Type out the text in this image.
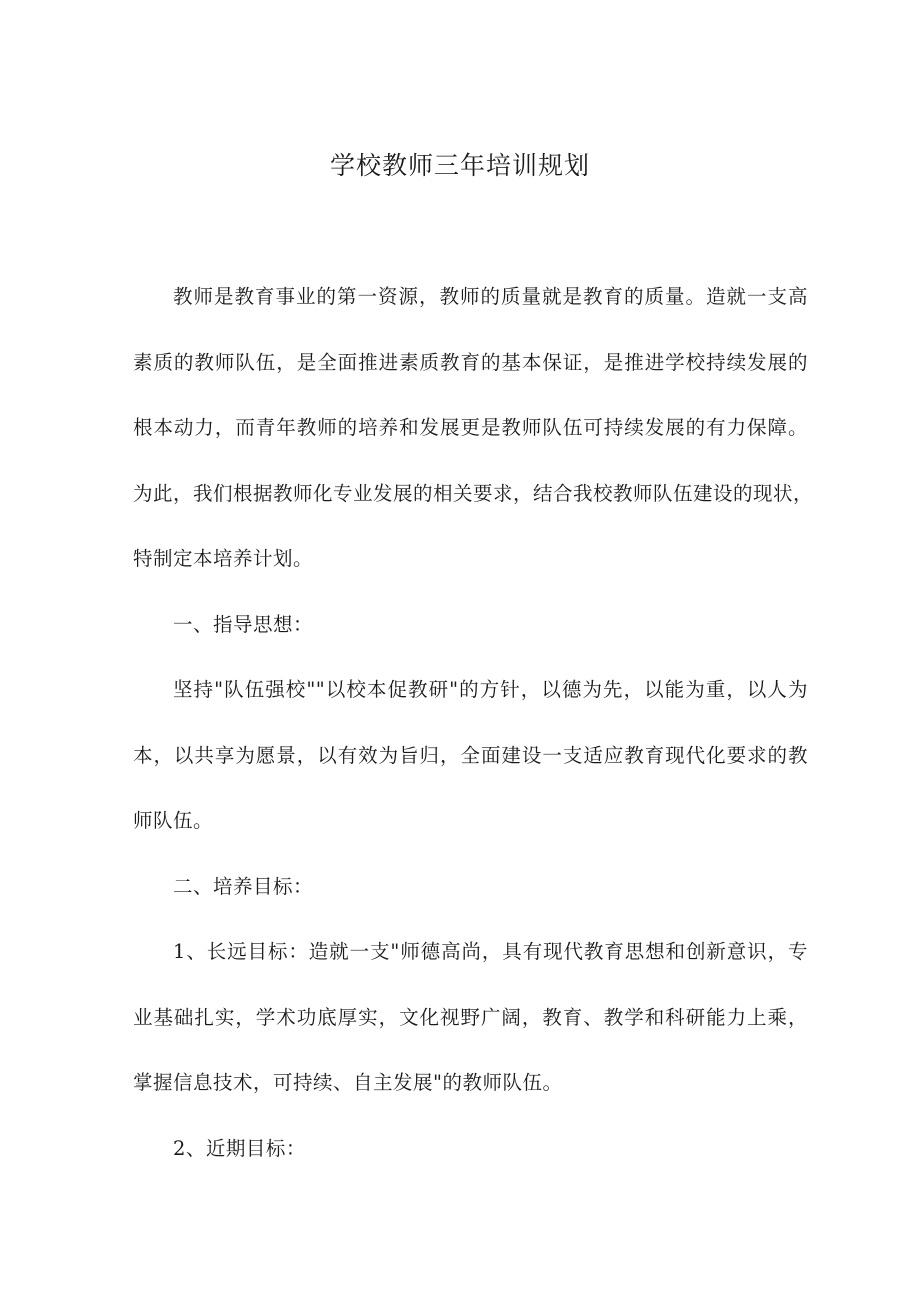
学校教师三年培训规划
教师是教育事业的第一资源，教师的质量就是教育的质量。造就一支高
素质的教师队伍，是全面推进素质教育的基本保证，是推进学校持续发展的
根本动力，而青年教师的培养和发展更是教师队伍可持续发展的有力保障。
为此，我们根据教师化专业发展的相关要求，结合我校教师队伍建设的现状，
特制定本培养计划。
一、指导思想：
坚持"队伍强校""以校本促教研"的方针，以德为先，以能为重，以人为
本，以共享为愿景，以有效为旨归，全面建设一支适应教育现代化要求的教
师队伍。
二、培养目标：
1、长远目标：造就一支"师德高尚，具有现代教育思想和创新意识，专
业基础扎实，学术功底厚实，文化视野广阔，教育、教学和科研能力上乘，
掌握信息技术，可持续、自主发展"的教师队伍。
2、近期目标：
